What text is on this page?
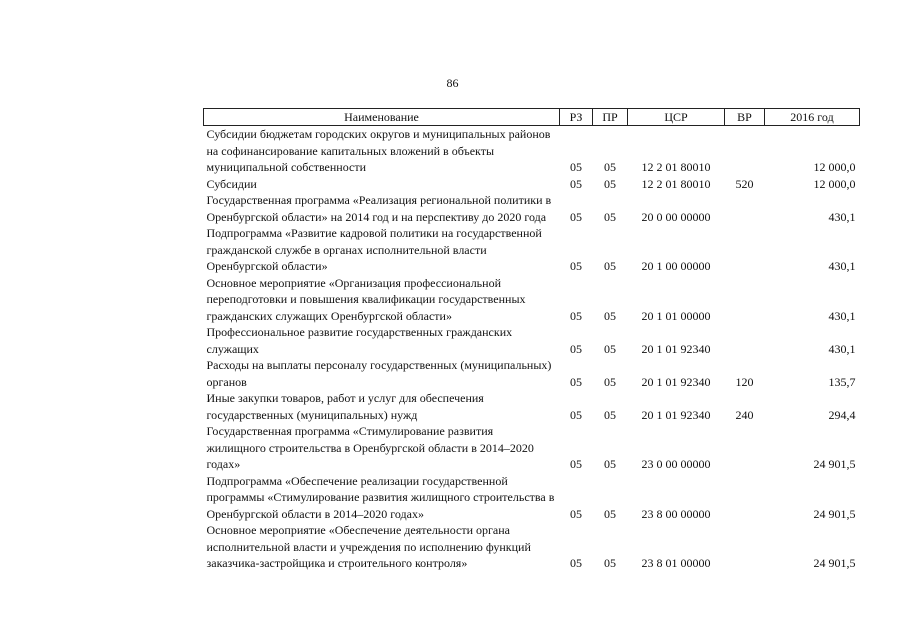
86
Наименование	РЗ	ПР	ЦСР	ВР	2016 год
Субсидии бюджетам городских округов и муниципальных районов на софинансирование капитальных вложений в объекты муниципальной собственности	05	05	12 2 01 80010		12 000,0
Субсидии	05	05	12 2 01 80010	520	12 000,0
Государственная программа «Реализация региональной политики в Оренбургской области» на 2014 год и на перспективу до 2020 года	05	05	20 0 00 00000		430,1
Подпрограмма «Развитие кадровой политики на государственной гражданской службе в органах исполнительной власти Оренбургской области»	05	05	20 1 00 00000		430,1
Основное мероприятие «Организация профессиональной переподготовки и повышения квалификации государственных гражданских служащих Оренбургской области»	05	05	20 1 01 00000		430,1
Профессиональное развитие государственных гражданских служащих	05	05	20 1 01 92340		430,1
Расходы на выплаты персоналу государственных (муниципальных) органов	05	05	20 1 01 92340	120	135,7
Иные закупки товаров, работ и услуг для обеспечения государственных (муниципальных) нужд	05	05	20 1 01 92340	240	294,4
Государственная программа «Стимулирование развития жилищного строительства в Оренбургской области в 2014–2020 годах»	05	05	23 0 00 00000		24 901,5
Подпрограмма «Обеспечение реализации государственной программы «Стимулирование развития жилищного строительства в Оренбургской области в 2014–2020 годах»	05	05	23 8 00 00000		24 901,5
Основное мероприятие «Обеспечение деятельности органа исполнительной власти и учреждения по исполнению функций заказчика-застройщика и строительного контроля»	05	05	23 8 01 00000		24 901,5
